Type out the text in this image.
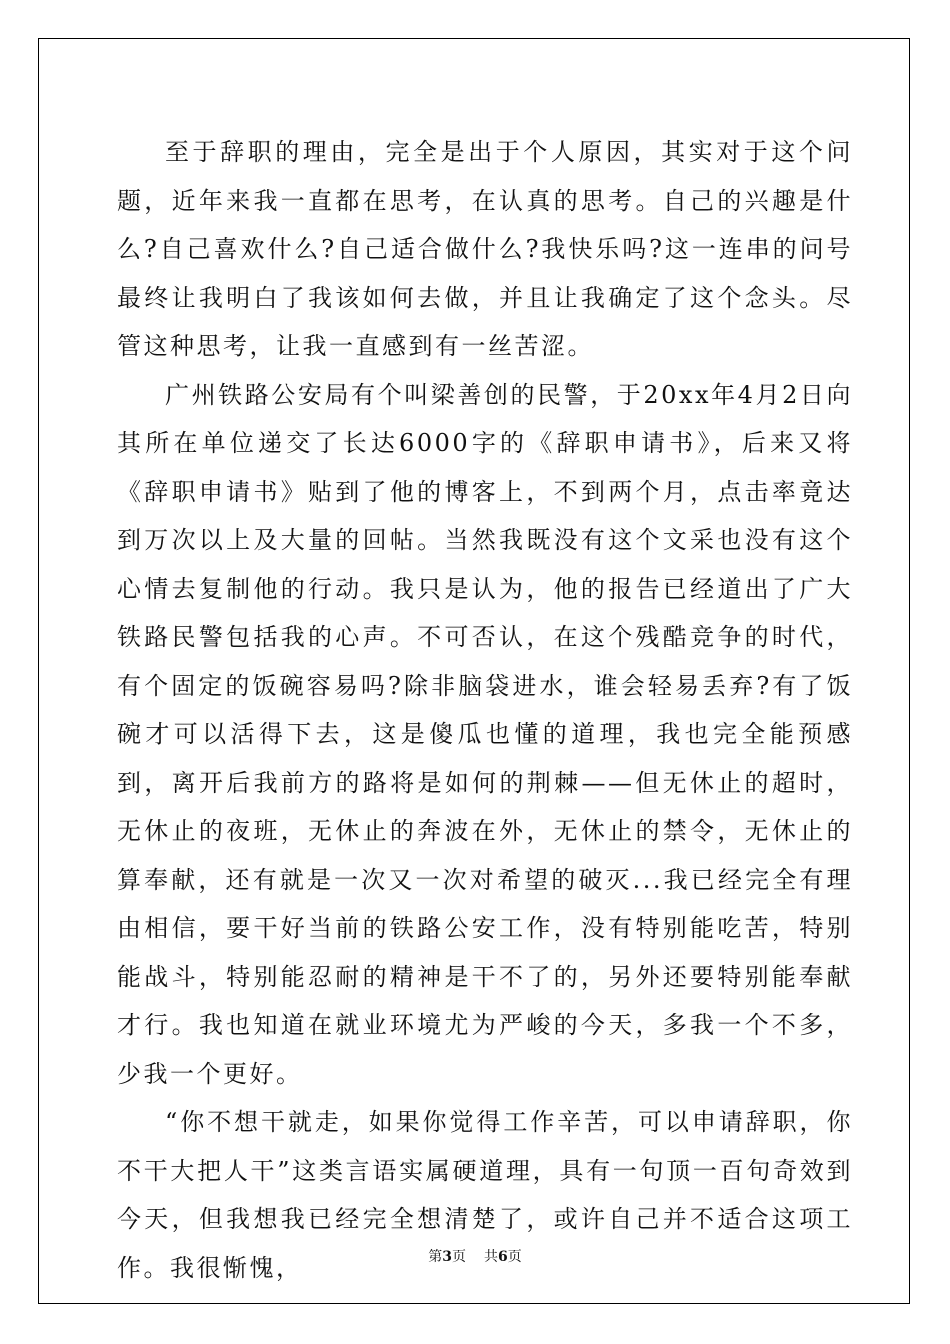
至于辞职的理由，完全是出于个人原因，其实对于这个问题，近年来我一直都在思考，在认真的思考。自己的兴趣是什么?自己喜欢什么?自己适合做什么?我快乐吗?这一连串的问号最终让我明白了我该如何去做，并且让我确定了这个念头。尽管这种思考，让我一直感到有一丝苦涩。

广州铁路公安局有个叫梁善创的民警，于20xx年4月2日向其所在单位递交了长达6000字的《辞职申请书》，后来又将《辞职申请书》贴到了他的博客上，不到两个月，点击率竟达到万次以上及大量的回帖。当然我既没有这个文采也没有这个心情去复制他的行动。我只是认为，他的报告已经道出了广大铁路民警包括我的心声。不可否认，在这个残酷竞争的时代，有个固定的饭碗容易吗?除非脑袋进水，谁会轻易丢弃?有了饭碗才可以活得下去，这是傻瓜也懂的道理，我也完全能预感到，离开后我前方的路将是如何的荆棘——但无休止的超时，无休止的夜班，无休止的奔波在外，无休止的禁令，无休止的算奉献，还有就是一次又一次对希望的破灭...我已经完全有理由相信，要干好当前的铁路公安工作，没有特别能吃苦，特别能战斗，特别能忍耐的精神是干不了的，另外还要特别能奉献才行。我也知道在就业环境尤为严峻的今天，多我一个不多，少我一个更好。

“你不想干就走，如果你觉得工作辛苦，可以申请辞职，你不干大把人干”这类言语实属硬道理，具有一句顶一百句奇效到今天，但我想我已经完全想清楚了，或许自己并不适合这项工作。我很惭愧，	第3页 共6页
